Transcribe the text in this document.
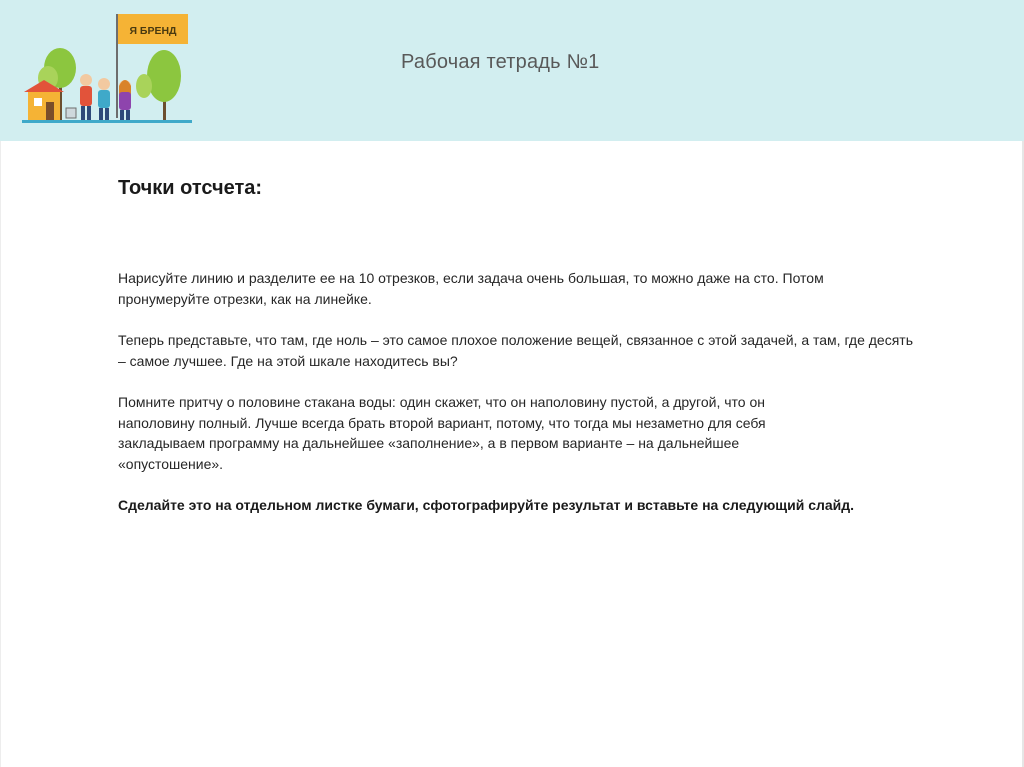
Я БРЕНД
Рабочая тетрадь №1
Точки отсчета:

Нарисуйте линию и разделите ее на 10 отрезков, если задача очень большая, то можно даже на сто. Потом пронумеруйте отрезки, как на линейке.

Теперь представьте, что там, где ноль – это самое плохое положение вещей, связанное с этой задачей, а там, где десять – самое лучшее. Где на этой шкале находитесь вы?

Помните притчу о половине стакана воды: один скажет, что он наполовину пустой, а другой, что он наполовину полный. Лучше всегда брать второй вариант, потому, что тогда мы незаметно для себя закладываем программу на дальнейшее «заполнение», а в первом варианте – на дальнейшее «опустошение».

Сделайте это на отдельном листке бумаги, сфотографируйте результат и вставьте на следующий слайд.
